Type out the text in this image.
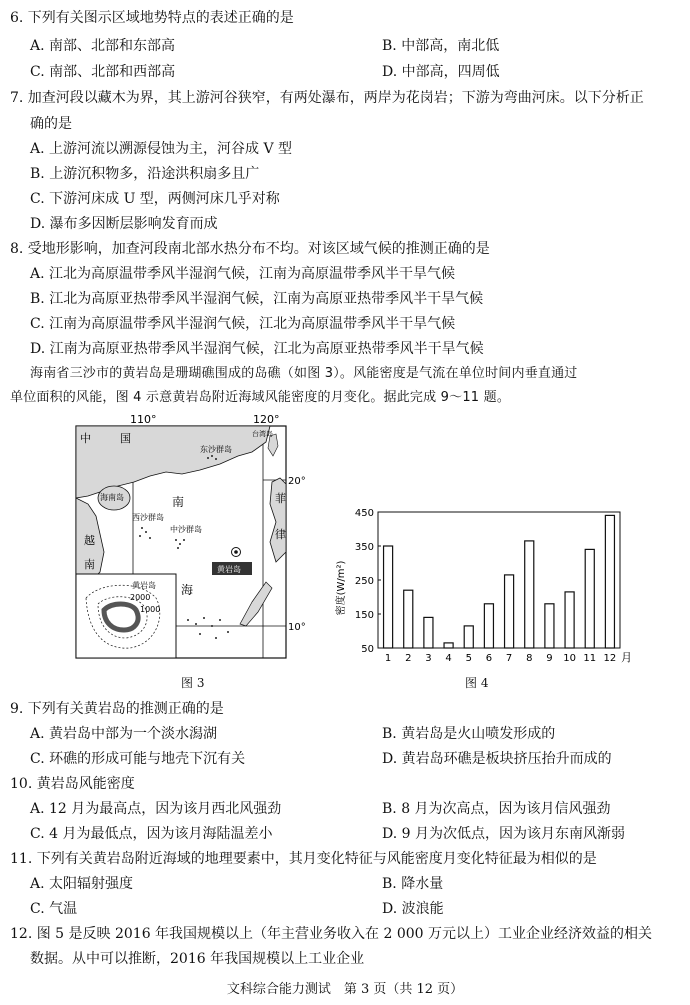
6. 下列有关图示区域地势特点的表述正确的是
A. 南部、北部和东部高	B. 中部高，南北低
C. 南部、北部和西部高	D. 中部高，四周低
7. 加查河段以藏木为界，其上游河谷狭窄，有两处瀑布，两岸为花岗岩；下游为弯曲河床。以下分析正
确的是
A. 上游河流以溯源侵蚀为主，河谷成 V 型
B. 上游沉积物多，沿途洪积扇多且广
C. 下游河床成 U 型，两侧河床几乎对称
D. 瀑布多因断层影响发育而成
8. 受地形影响，加查河段南北部水热分布不均。对该区域气候的推测正确的是
A. 江北为高原温带季风半湿润气候，江南为高原温带季风半干旱气候
B. 江北为高原亚热带季风半湿润气候，江南为高原亚热带季风半干旱气候
C. 江南为高原温带季风半湿润气候，江北为高原温带季风半干旱气候
D. 江南为高原亚热带季风半湿润气候，江北为高原亚热带季风半干旱气候
海南省三沙市的黄岩岛是珊瑚礁围成的岛礁（如图 3）。风能密度是气流在单位时间内垂直通过
单位面积的风能，图 4 示意黄岩岛附近海域风能密度的月变化。据此完成 9～11 题。
110°	120°
20°
10°
中	国	台湾岛
东沙群岛
海南岛	南
西沙群岛
中沙群岛
海
黄岩岛
菲
律
越
南
黄岩岛
2000
1000
图 3
450
350
250
150
50
1 2 3 4 5 6 7 8 9 10 11 12
密度(W/m²)
月
图 4
9. 下列有关黄岩岛的推测正确的是
A. 黄岩岛中部为一个淡水潟湖	B. 黄岩岛是火山喷发形成的
C. 环礁的形成可能与地壳下沉有关	D. 黄岩岛环礁是板块挤压抬升而成的
10. 黄岩岛风能密度
A. 12 月为最高点，因为该月西北风强劲	B. 8 月为次高点，因为该月信风强劲
C. 4 月为最低点，因为该月海陆温差小	D. 9 月为次低点，因为该月东南风渐弱
11. 下列有关黄岩岛附近海域的地理要素中，其月变化特征与风能密度月变化特征最为相似的是
A. 太阳辐射强度	B. 降水量
C. 气温	D. 波浪能
12. 图 5 是反映 2016 年我国规模以上（年主营业务收入在 2 000 万元以上）工业企业经济效益的相关
数据。从中可以推断，2016 年我国规模以上工业企业
文科综合能力测试　第 3 页（共 12 页）
